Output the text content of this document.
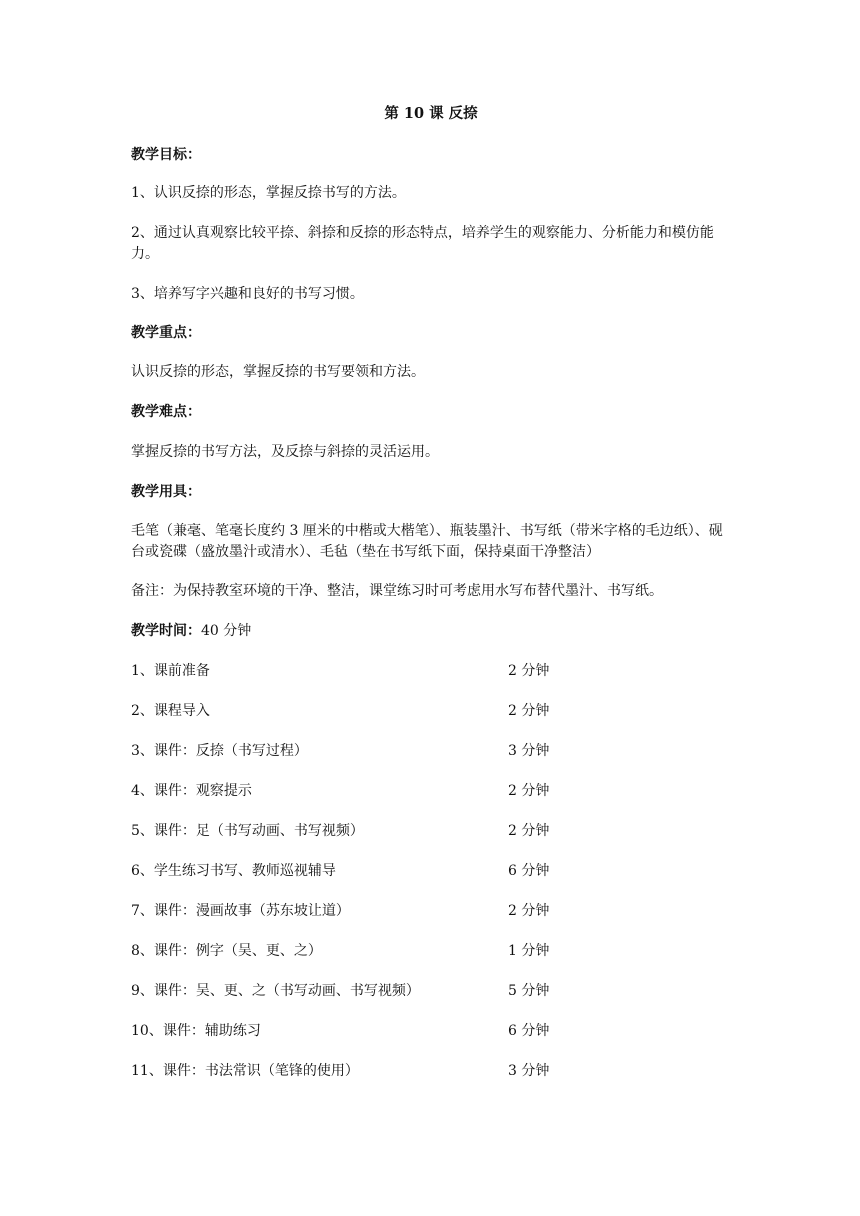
第 10 课 反捺
教学目标：
1、认识反捺的形态，掌握反捺书写的方法。
2、通过认真观察比较平捺、斜捺和反捺的形态特点，培养学生的观察能力、分析能力和模仿能力。
3、培养写字兴趣和良好的书写习惯。
教学重点：
认识反捺的形态，掌握反捺的书写要领和方法。
教学难点：
掌握反捺的书写方法，及反捺与斜捺的灵活运用。
教学用具：
毛笔（兼毫、笔毫长度约 3 厘米的中楷或大楷笔）、瓶装墨汁、书写纸（带米字格的毛边纸）、砚台或瓷碟（盛放墨汁或清水）、毛毡（垫在书写纸下面，保持桌面干净整洁）
备注：为保持教室环境的干净、整洁，课堂练习时可考虑用水写布替代墨汁、书写纸。
教学时间：40 分钟
1、课前准备	2 分钟
2、课程导入	2 分钟
3、课件：反捺（书写过程）	3 分钟
4、课件：观察提示	2 分钟
5、课件：足（书写动画、书写视频）	2 分钟
6、学生练习书写、教师巡视辅导	6 分钟
7、课件：漫画故事（苏东坡让道）	2 分钟
8、课件：例字（吴、更、之）	1 分钟
9、课件：吴、更、之（书写动画、书写视频）	5 分钟
10、课件：辅助练习	6 分钟
11、课件：书法常识（笔锋的使用）	3 分钟
